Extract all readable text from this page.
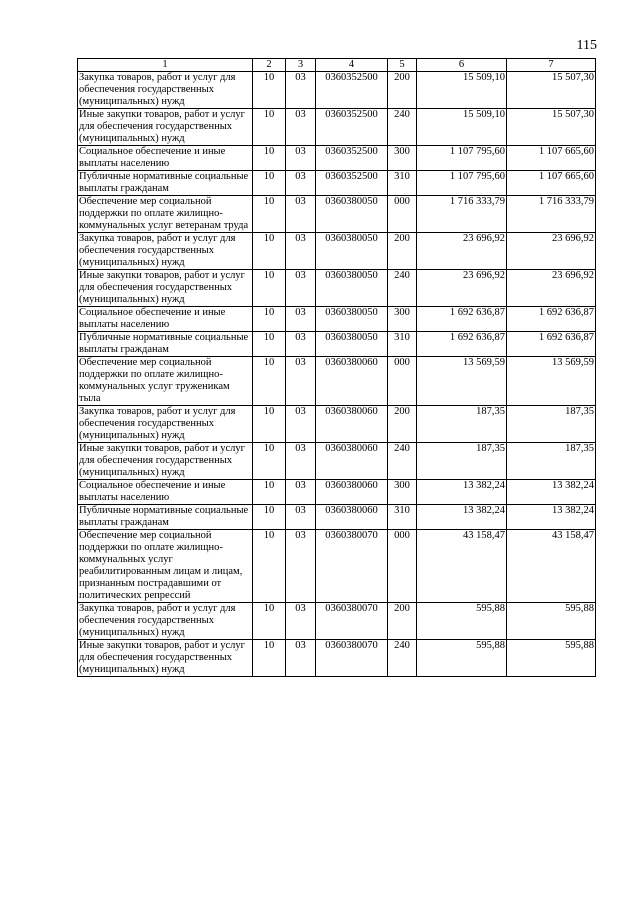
115
1	2	3	4	5	6	7
Закупка товаров, работ и услуг для обеспечения государственных (муниципальных) нужд	10	03	0360352500	200	15 509,10	15 507,30

Иные закупки товаров, работ и услуг для обеспечения государственных (муниципальных) нужд	10	03	0360352500	240	15 509,10	15 507,30

Социальное обеспечение и иные выплаты населению	10	03	0360352500	300	1 107 795,60	1 107 665,60

Публичные нормативные социальные выплаты гражданам	10	03	0360352500	310	1 107 795,60	1 107 665,60

Обеспечение мер социальной поддержки по оплате жилищно-коммунальных услуг ветеранам труда	10	03	0360380050	000	1 716 333,79	1 716 333,79

Закупка товаров, работ и услуг для обеспечения государственных (муниципальных) нужд	10	03	0360380050	200	23 696,92	23 696,92

Иные закупки товаров, работ и услуг для обеспечения государственных (муниципальных) нужд	10	03	0360380050	240	23 696,92	23 696,92

Социальное обеспечение и иные выплаты населению	10	03	0360380050	300	1 692 636,87	1 692 636,87

Публичные нормативные социальные выплаты гражданам	10	03	0360380050	310	1 692 636,87	1 692 636,87

Обеспечение мер социальной поддержки по оплате жилищно-коммунальных услуг труженикам тыла	10	03	0360380060	000	13 569,59	13 569,59

Закупка товаров, работ и услуг для обеспечения государственных (муниципальных) нужд	10	03	0360380060	200	187,35	187,35

Иные закупки товаров, работ и услуг для обеспечения государственных (муниципальных) нужд	10	03	0360380060	240	187,35	187,35

Социальное обеспечение и иные выплаты населению	10	03	0360380060	300	13 382,24	13 382,24

Публичные нормативные социальные выплаты гражданам	10	03	0360380060	310	13 382,24	13 382,24

Обеспечение мер социальной поддержки по оплате жилищно-коммунальных услуг реабилитированным лицам и лицам, признанным пострадавшими от политических репрессий	10	03	0360380070	000	43 158,47	43 158,47

Закупка товаров, работ и услуг для обеспечения государственных (муниципальных) нужд	10	03	0360380070	200	595,88	595,88

Иные закупки товаров, работ и услуг для обеспечения государственных (муниципальных) нужд	10	03	0360380070	240	595,88	595,88
